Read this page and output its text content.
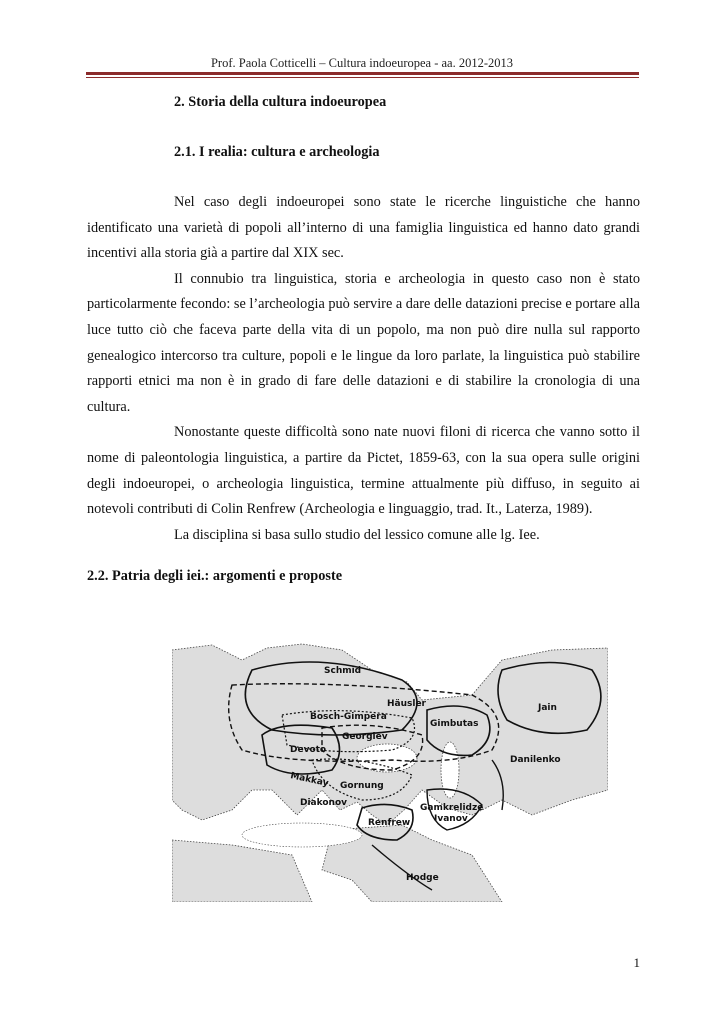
Prof. Paola Cotticelli – Cultura indoeuropea - aa. 2012-2013
2. Storia della cultura indoeuropea
2.1. I realia: cultura e archeologia

Nel caso degli indoeuropei sono state le ricerche linguistiche che hanno identificato una varietà di popoli all’interno di una famiglia linguistica ed hanno dato grandi incentivi alla storia già a partire dal XIX sec.

Il connubio tra linguistica, storia e archeologia in questo caso non è stato particolarmente fecondo: se l’archeologia può servire a dare delle datazioni precise e portare alla luce tutto ciò che faceva parte della vita di un popolo, ma non può dire nulla sul rapporto genealogico intercorso tra culture, popoli e le lingue da loro parlate, la linguistica può stabilire rapporti etnici ma non è in grado di fare delle datazioni e di stabilire la cronologia di una cultura.

Nonostante queste difficoltà sono nate nuovi filoni di ricerca che vanno sotto il nome di paleontologia linguistica, a partire da Pictet, 1859-63, con la sua opera sulle origini degli indoeuropei, o archeologia linguistica, termine attualmente più diffuso, in seguito ai notevoli contributi di Colin Renfrew (Archeologia e linguaggio, trad. It., Laterza, 1989).

La disciplina si basa sullo studio del lessico comune alle lg. Iee.

2.2. Patria degli iei.: argomenti e proposte
Schmid
Häusler
Bosch-Gimpera
Georgiev
Devoto
Makkay Gornung
Diakonov
Gimbutas
Jain
Danilenko
Gamkrelidze
Ivanov
Renfrew
Hodge
1
